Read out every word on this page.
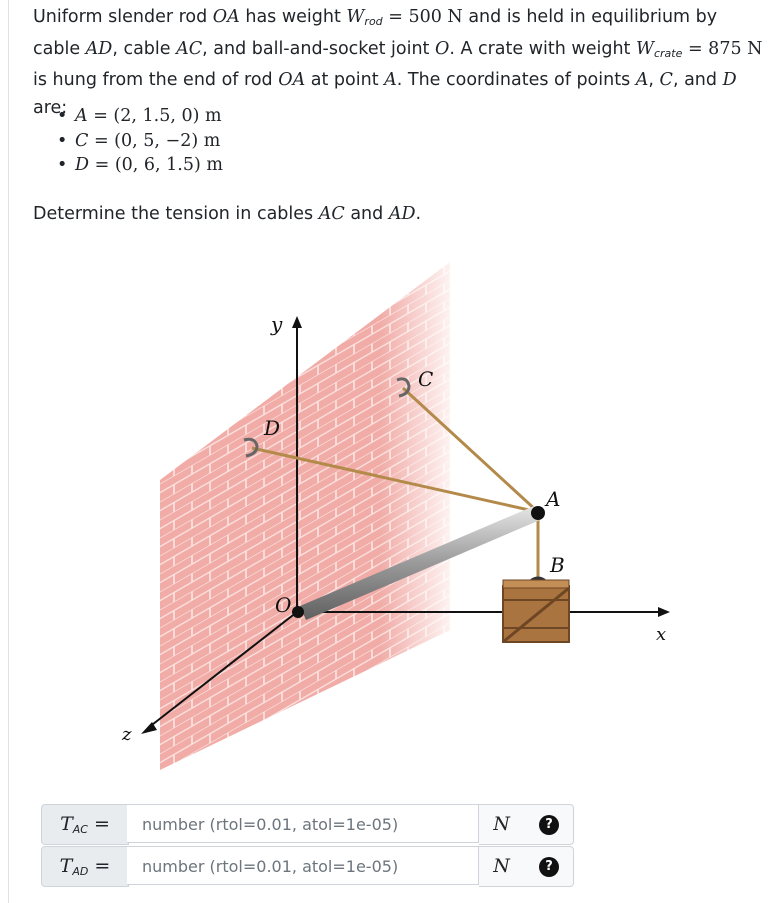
Uniform slender rod OA has weight $W_{rod} = 500$ N and is held in equilibrium by cable AD, cable AC, and ball-and-socket joint O. A crate with weight $W_{crate} = 875$ N is hung from the end of rod OA at point A. The coordinates of points A, C, and D are:

• A = (2, 1.5, 0) m
• C = (0, 5, −2) m
• D = (0, 6, 1.5) m
Determine the tension in cables AC and AD.
y
x
z
O
A
B
C
D
$T_{AC}$ =	number (rtol=0.01, atol=1e-05)	N	?
$T_{AD}$ =	number (rtol=0.01, atol=1e-05)	N	?
